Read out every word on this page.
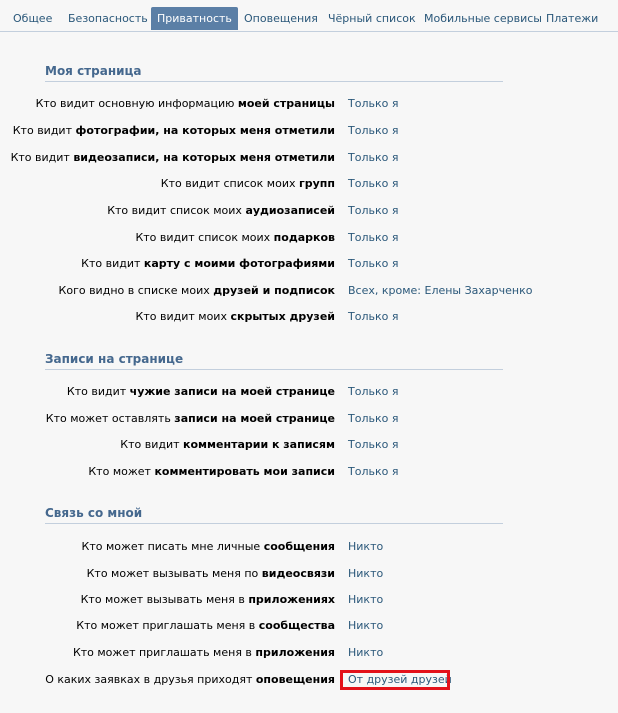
Общее Безопасность Приватность	Оповещения Чёрный список Мобильные сервисы Платежи
Моя страница
Кто видит основную информацию моей страницы Только я
Кто видит фотографии, на которых меня отметили Только я
Кто видит видеозаписи, на которых меня отметили Только я
Кто видит список моих групп Только я
Кто видит список моих аудиозаписей Только я
Кто видит список моих подарков Только я
Кто видит карту с моими фотографиями Только я
Кого видно в списке моих друзей и подписок Всех, кроме: Елены Захарченко
Кто видит моих скрытых друзей Только я
Записи на странице
Кто видит чужие записи на моей странице Только я
Кто может оставлять записи на моей странице Только я
Кто видит комментарии к записям Только я
Кто может комментировать мои записи Только я
Связь со мной
Кто может писать мне личные сообщения Никто
Кто может вызывать меня по видеосвязи Никто
Кто может вызывать меня в приложениях Никто
Кто может приглашать меня в сообщества Никто
Кто может приглашать меня в приложения Никто
О каких заявках в друзья приходят оповещения От друзей друзей
